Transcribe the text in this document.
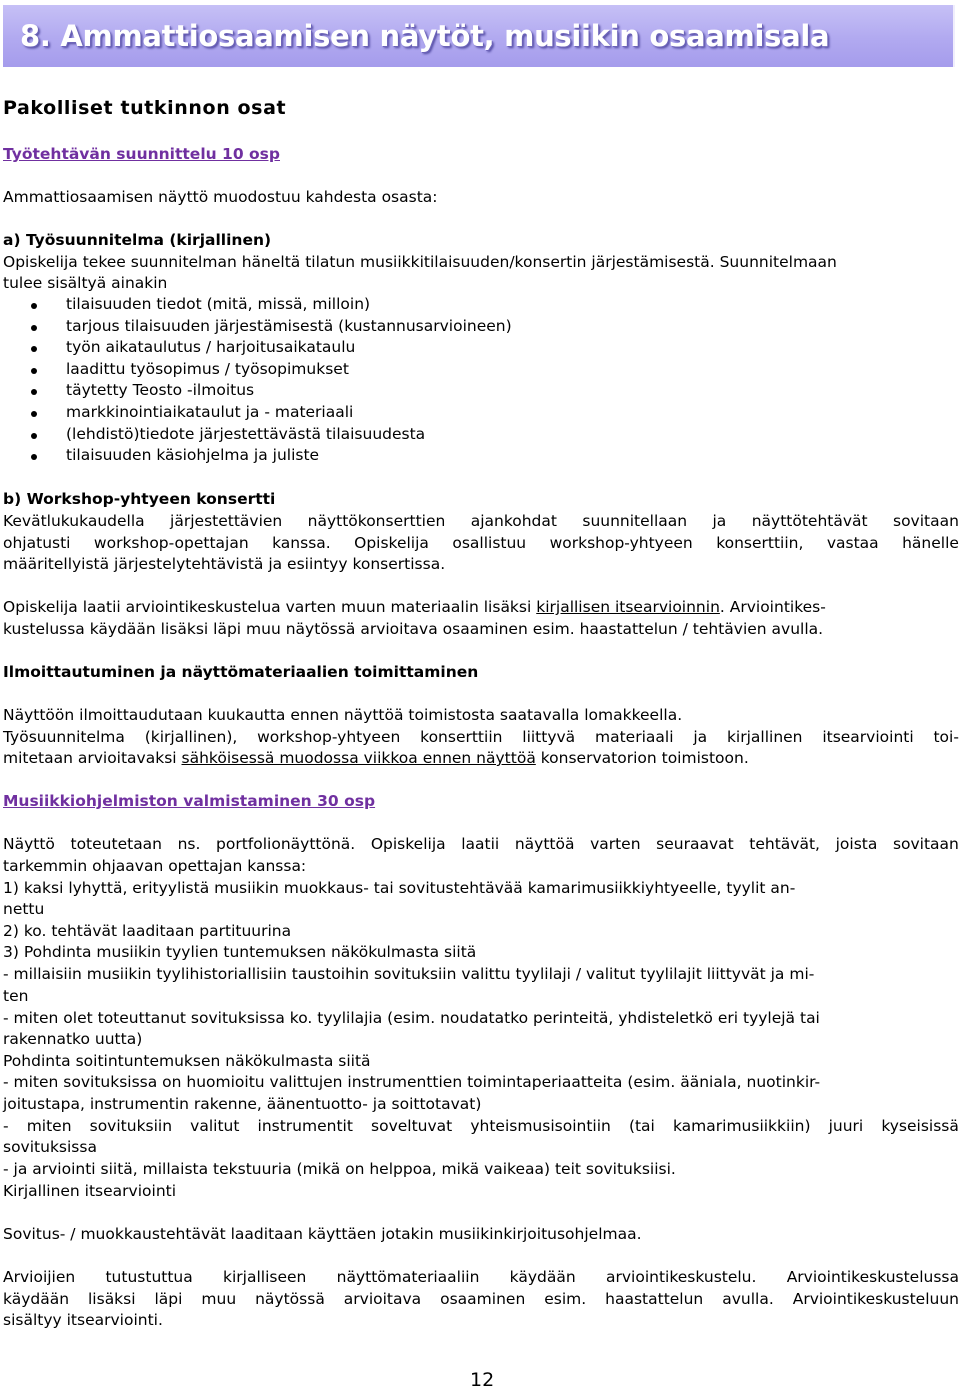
8. Ammattiosaamisen näytöt, musiikin osaamisala
Pakolliset tutkinnon osat
Työtehtävän suunnittelu 10 osp
Ammattiosaamisen näyttö muodostuu kahdesta osasta:
a) Työsuunnitelma (kirjallinen)
Opiskelija tekee suunnitelman häneltä tilatun musiikkitilaisuuden/konsertin järjestämisestä. Suunnitelmaan
tulee sisältyä ainakin
tilaisuuden tiedot (mitä, missä, milloin)
tarjous tilaisuuden järjestämisestä (kustannusarvioineen)
työn aikataulutus / harjoitusaikataulu
laadittu työsopimus / työsopimukset
täytetty Teosto -ilmoitus
markkinointiaikataulut ja - materiaali
(lehdistö)tiedote järjestettävästä tilaisuudesta
tilaisuuden käsiohjelma ja juliste
b) Workshop-yhtyeen konsertti
Kevätlukukaudella järjestettävien näyttökonserttien ajankohdat suunnitellaan ja näyttötehtävät sovitaan
ohjatusti workshop-opettajan kanssa. Opiskelija osallistuu workshop-yhtyeen konserttiin, vastaa hänelle
määritellyistä järjestelytehtävistä ja esiintyy konsertissa.
Opiskelija laatii arviointikeskustelua varten muun materiaalin lisäksi kirjallisen itsearvioinnin. Arviointikes-
kustelussa käydään lisäksi läpi muu näytössä arvioitava osaaminen esim. haastattelun / tehtävien avulla.
Ilmoittautuminen ja näyttömateriaalien toimittaminen
Näyttöön ilmoittaudutaan kuukautta ennen näyttöä toimistosta saatavalla lomakkeella.
Työsuunnitelma (kirjallinen), workshop-yhtyeen konserttiin liittyvä materiaali ja kirjallinen itsearviointi toi-
mitetaan arvioitavaksi sähköisessä muodossa viikkoa ennen näyttöä konservatorion toimistoon.
Musiikkiohjelmiston valmistaminen 30 osp
Näyttö toteutetaan ns. portfolionäyttönä. Opiskelija laatii näyttöä varten seuraavat tehtävät, joista sovitaan
tarkemmin ohjaavan opettajan kanssa:
1) kaksi lyhyttä, erityylistä musiikin muokkaus- tai sovitustehtävää kamarimusiikkiyhtyeelle, tyylit an-
nettu
2) ko. tehtävät laaditaan partituurina
3) Pohdinta musiikin tyylien tuntemuksen näkökulmasta siitä
- millaisiin musiikin tyylihistoriallisiin taustoihin sovituksiin valittu tyylilaji / valitut tyylilajit liittyvät ja mi-
ten
- miten olet toteuttanut sovituksissa ko. tyylilajia (esim. noudatatko perinteitä, yhdisteletkö eri tyylejä tai
rakennatko uutta)
Pohdinta soitintuntemuksen näkökulmasta siitä
- miten sovituksissa on huomioitu valittujen instrumenttien toimintaperiaatteita (esim. ääniala, nuotinkir-
joitustapa, instrumentin rakenne, äänentuotto- ja soittotavat)
- miten sovituksiin valitut instrumentit soveltuvat yhteismusisointiin (tai kamarimusiikkiin) juuri kyseisissä
sovituksissa
- ja arviointi siitä, millaista tekstuuria (mikä on helppoa, mikä vaikeaa) teit sovituksiisi.
Kirjallinen itsearviointi
Sovitus- / muokkaustehtävät laaditaan käyttäen jotakin musiikinkirjoitusohjelmaa.
Arvioijien tutustuttua kirjalliseen näyttömateriaaliin käydään arviointikeskustelu. Arviointikeskustelussa
käydään lisäksi läpi muu näytössä arvioitava osaaminen esim. haastattelun avulla. Arviointikeskusteluun
sisältyy itsearviointi.
12
